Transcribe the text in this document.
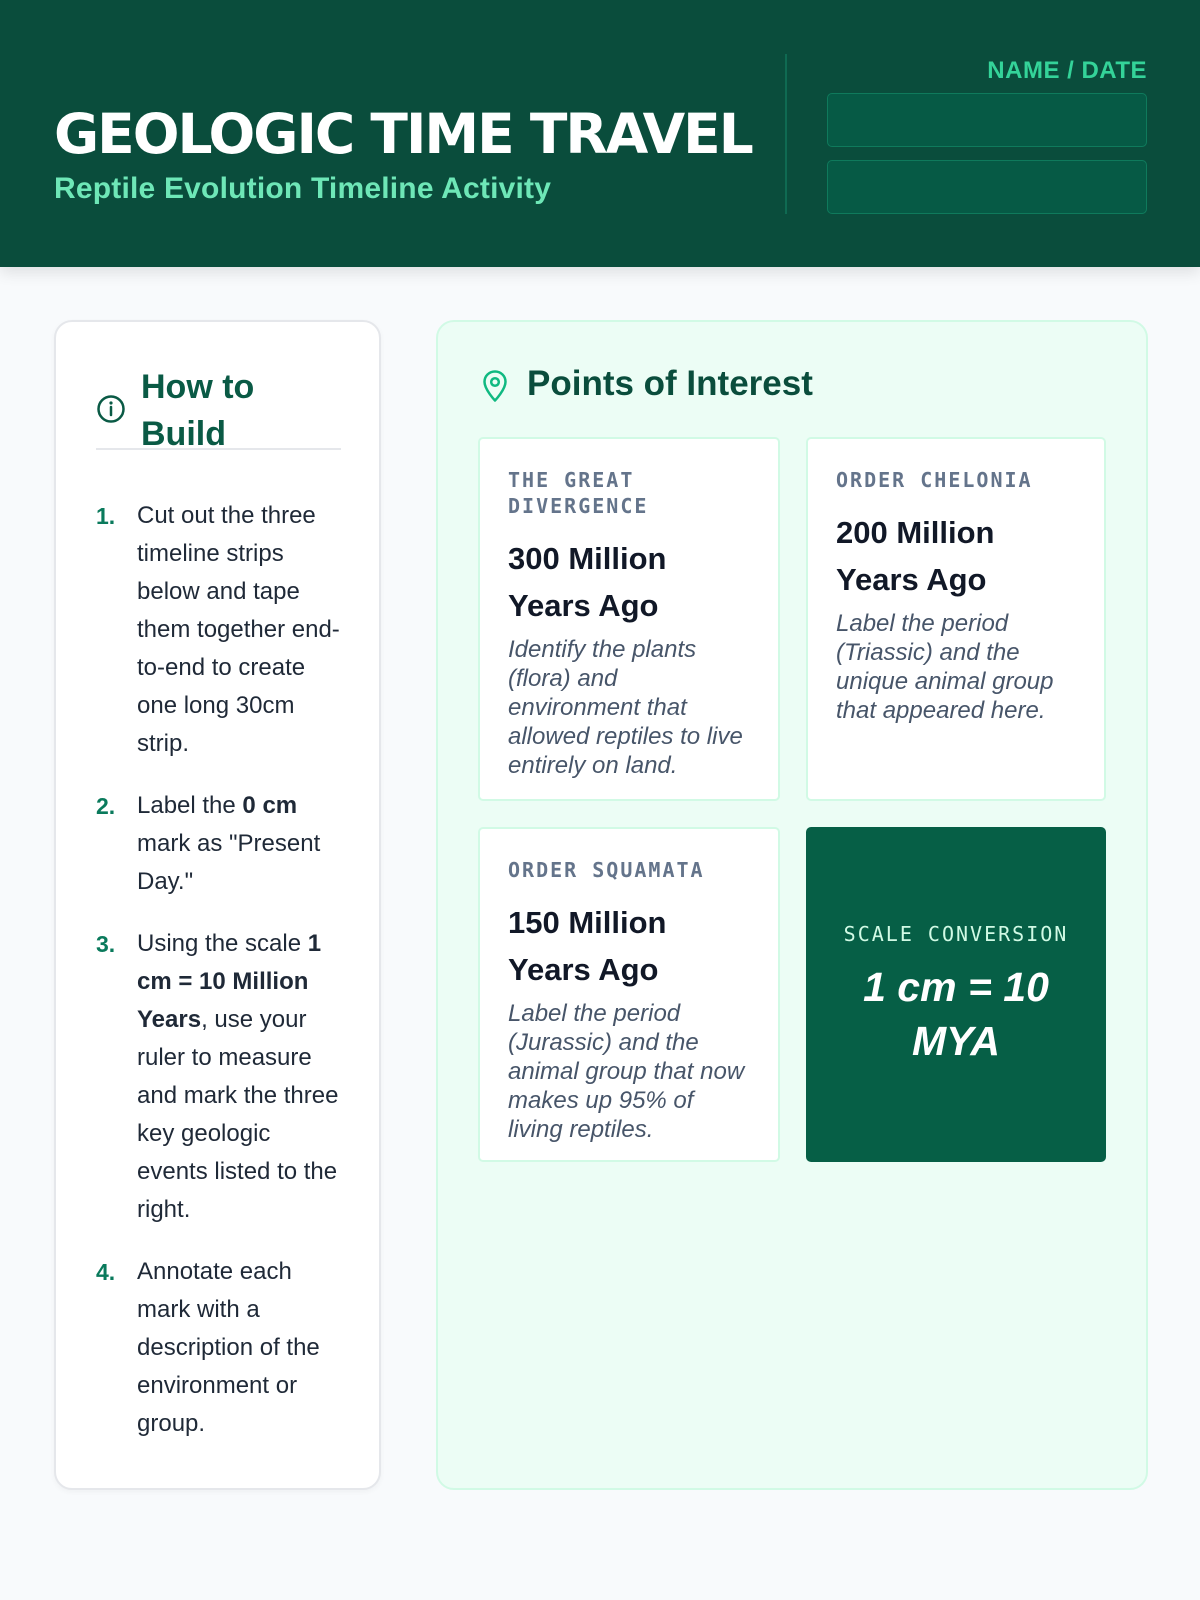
GEOLOGIC TIME TRAVEL
Reptile Evolution Timeline Activity
NAME / DATE
How to Build
1. Cut out the three timeline strips below and tape them together end-to-end to create one long 30cm strip.
2. Label the 0 cm mark as "Present Day."
3. Using the scale 1 cm = 10 Million Years, use your ruler to measure and mark the three key geologic events listed to the right.
4. Annotate each mark with a description of the environment or group.
Points of Interest
THE GREAT DIVERGENCE
300 Million Years Ago
Identify the plants (flora) and environment that allowed reptiles to live entirely on land.
ORDER CHELONIA
200 Million Years Ago
Label the period (Triassic) and the unique animal group that appeared here.
ORDER SQUAMATA
150 Million Years Ago
Label the period (Jurassic) and the animal group that now makes up 95% of living reptiles.
SCALE CONVERSION
1 cm = 10 MYA
